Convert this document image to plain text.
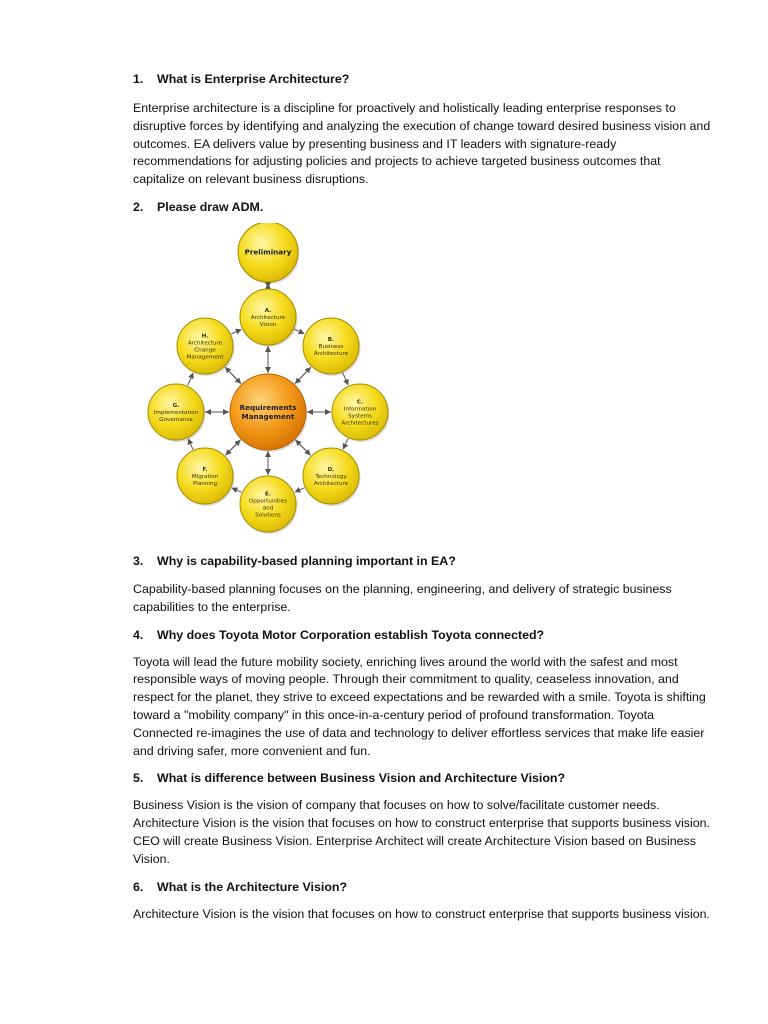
1.	What is Enterprise Architecture?

Enterprise architecture is a discipline for proactively and holistically leading enterprise responses to disruptive forces by identifying and analyzing the execution of change toward desired business vision and outcomes. EA delivers value by presenting business and IT leaders with signature-ready recommendations for adjusting policies and projects to achieve targeted business outcomes that capitalize on relevant business disruptions.

2.	Please draw ADM.

Preliminary
Requirements
Management
A.
Architecture
Vision
B.
Business
Architecture
C.
Information
Systems
Architectures
D.
Technology
Architecture
E.
Opportunities
and
Solutions
F.
Migration
Planning
G.
Implementation
Governance
H.
Architecture
Change
Management

3.	Why is capability-based planning important in EA?

Capability-based planning focuses on the planning, engineering, and delivery of strategic business capabilities to the enterprise.

4.	Why does Toyota Motor Corporation establish Toyota connected?

Toyota will lead the future mobility society, enriching lives around the world with the safest and most responsible ways of moving people. Through their commitment to quality, ceaseless innovation, and respect for the planet, they strive to exceed expectations and be rewarded with a smile. Toyota is shifting toward a "mobility company" in this once-in-a-century period of profound transformation. Toyota Connected re-imagines the use of data and technology to deliver effortless services that make life easier and driving safer, more convenient and fun.

5.	What is difference between Business Vision and Architecture Vision?

Business Vision is the vision of company that focuses on how to solve/facilitate customer needs. Architecture Vision is the vision that focuses on how to construct enterprise that supports business vision. CEO will create Business Vision. Enterprise Architect will create Architecture Vision based on Business Vision.

6.	What is the Architecture Vision?

Architecture Vision is the vision that focuses on how to construct enterprise that supports business vision.
